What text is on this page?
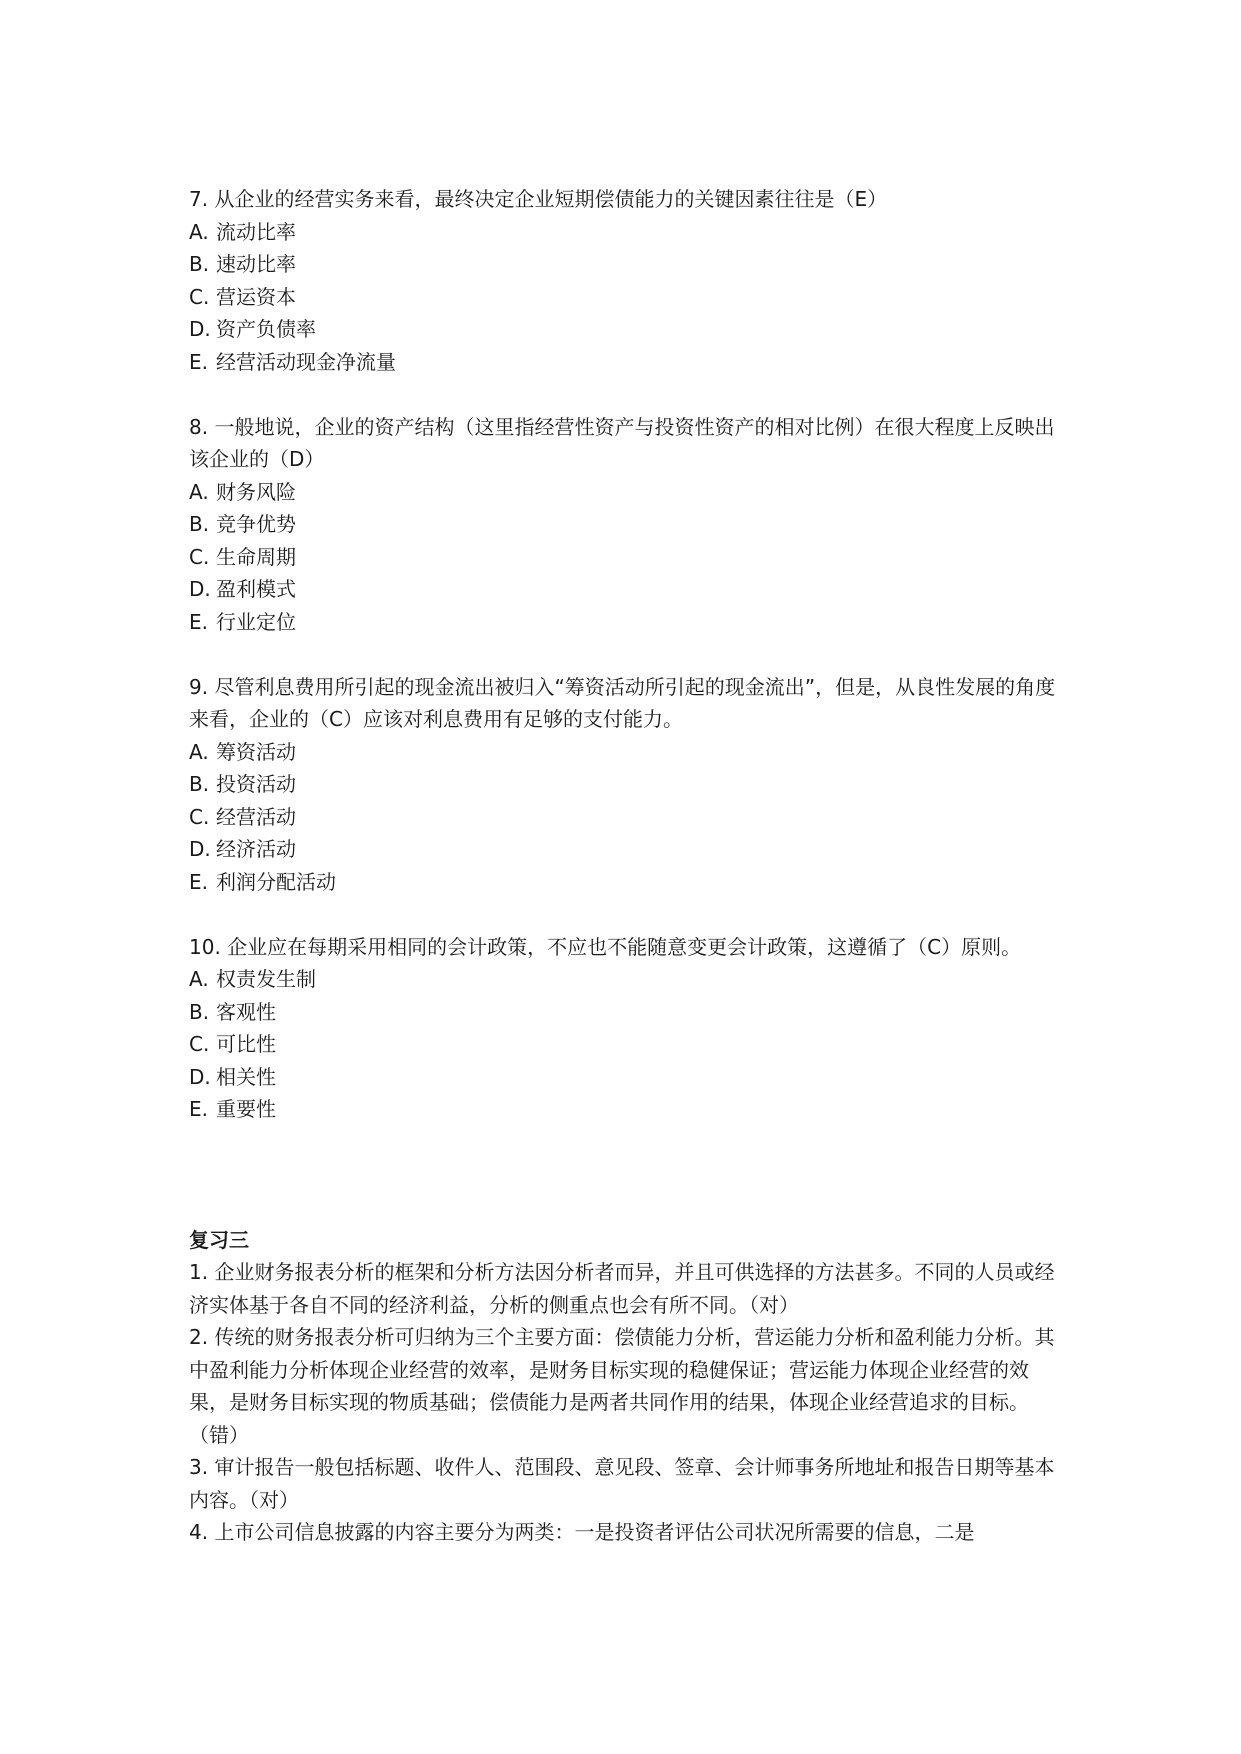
7. 从企业的经营实务来看，最终决定企业短期偿债能力的关键因素往往是（E）

A. 流动比率

B. 速动比率

C. 营运资本

D. 资产负债率

E. 经营活动现金净流量

8. 一般地说，企业的资产结构（这里指经营性资产与投资性资产的相对比例）在很大程度上反映出该企业的（D）

A. 财务风险

B. 竞争优势

C. 生命周期

D. 盈利模式

E. 行业定位

9. 尽管利息费用所引起的现金流出被归入“筹资活动所引起的现金流出”，但是，从良性发展的角度来看，企业的（C）应该对利息费用有足够的支付能力。

A. 筹资活动

B. 投资活动

C. 经营活动

D. 经济活动

E. 利润分配活动

10. 企业应在每期采用相同的会计政策，不应也不能随意变更会计政策，这遵循了（C）原则。

A. 权责发生制

B. 客观性

C. 可比性

D. 相关性

E. 重要性

复习三

1. 企业财务报表分析的框架和分析方法因分析者而异，并且可供选择的方法甚多。不同的人员或经济实体基于各自不同的经济利益，分析的侧重点也会有所不同。（对）

2. 传统的财务报表分析可归纳为三个主要方面：偿债能力分析，营运能力分析和盈利能力分析。其中盈利能力分析体现企业经营的效率，是财务目标实现的稳健保证；营运能力体现企业经营的效果，是财务目标实现的物质基础；偿债能力是两者共同作用的结果，体现企业经营追求的目标。（错）

3. 审计报告一般包括标题、收件人、范围段、意见段、签章、会计师事务所地址和报告日期等基本内容。（对）

4. 上市公司信息披露的内容主要分为两类：一是投资者评估公司状况所需要的信息，二是
